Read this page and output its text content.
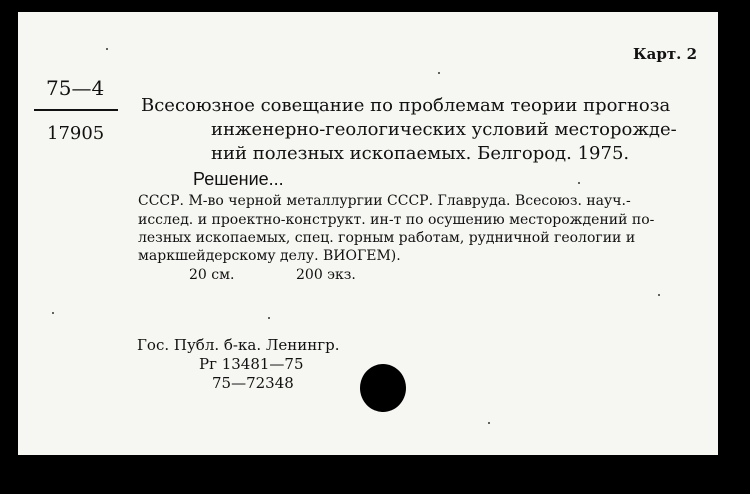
Карт. 2
75—4
17905
Всесоюзное совещание по проблемам теории прогноза
инженерно-геологических условий месторожде-
ний полезных ископаемых. Белгород. 1975.
Решение...
СССР. М-во черной металлургии СССР. Главруда. Всесоюз. науч.-
исслед. и проектно-конструкт. ин-т по осушению месторождений по-
лезных ископаемых, спец. горным работам, рудничной геологии и
маркшейдерскому делу. ВИОГЕМ).
20 см.	200 экз.
Гос. Публ. б-ка. Ленингр.
Рг 13481—75
75—72348
